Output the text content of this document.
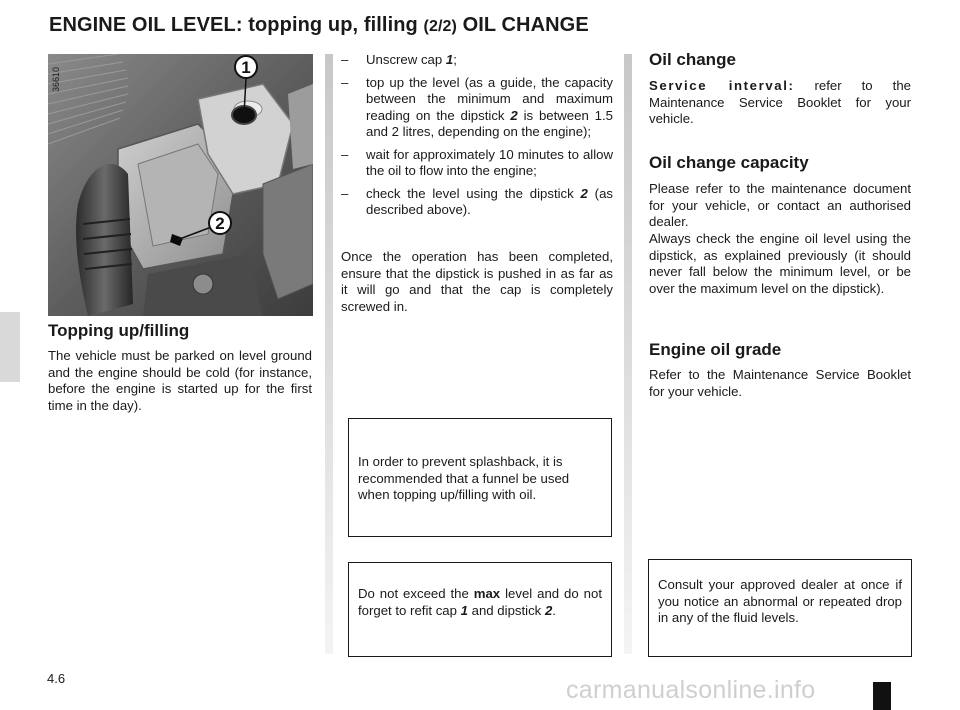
ENGINE OIL LEVEL: topping up, filling (2/2) OIL CHANGE
1
2
36610
Topping up/filling
The vehicle must be parked on level ground and the engine should be cold (for instance, before the engine is started up for the first time in the day).
– Unscrew cap 1;
– top up the level (as a guide, the capacity between the minimum and maximum reading on the dipstick 2 is between 1.5 and 2 litres, depending on the engine);
– wait for approximately 10 minutes to allow the oil to flow into the engine;
– check the level using the dipstick 2 (as described above).
Once the operation has been completed, ensure that the dipstick is pushed in as far as it will go and that the cap is completely screwed in.
In order to prevent splashback, it is recommended that a funnel be used when topping up/filling with oil.
Do not exceed the max level and do not forget to refit cap 1 and dipstick 2.
Oil change
Service interval: refer to the Maintenance Service Booklet for your vehicle.
Oil change capacity
Please refer to the maintenance document for your vehicle, or contact an authorised dealer.
Always check the engine oil level using the dipstick, as explained previously (it should never fall below the minimum level, or be over the maximum level on the dipstick).
Engine oil grade
Refer to the Maintenance Service Booklet for your vehicle.
Consult your approved dealer at once if you notice an abnormal or repeated drop in any of the fluid levels.
4.6	carmanualsonline.info
